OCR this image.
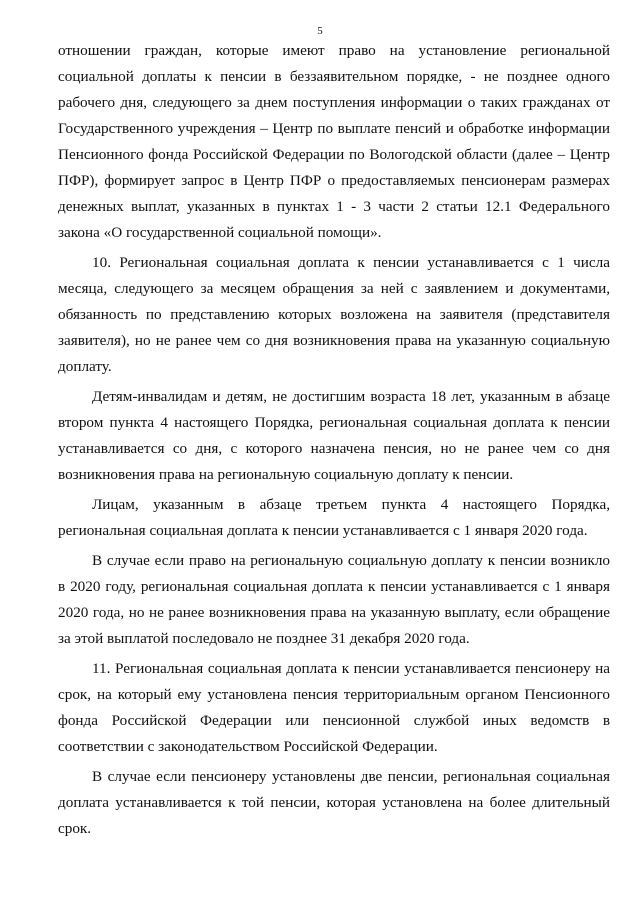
5

отношении граждан, которые имеют право на установление региональной социальной доплаты к пенсии в беззаявительном порядке, - не позднее одного рабочего дня, следующего за днем поступления информации о таких гражданах от Государственного учреждения – Центр по выплате пенсий и обработке информации Пенсионного фонда Российской Федерации по Вологодской области (далее – Центр ПФР), формирует запрос в Центр ПФР о предоставляемых пенсионерам размерах денежных выплат, указанных в пунктах 1 - 3 части 2 статьи 12.1 Федерального закона «О государственной социальной помощи».

10. Региональная социальная доплата к пенсии устанавливается с 1 числа месяца, следующего за месяцем обращения за ней с заявлением и документами, обязанность по представлению которых возложена на заявителя (представителя заявителя), но не ранее чем со дня возникновения права на указанную социальную доплату.

Детям-инвалидам и детям, не достигшим возраста 18 лет, указанным в абзаце втором пункта 4 настоящего Порядка, региональная социальная доплата к пенсии устанавливается со дня, с которого назначена пенсия, но не ранее чем со дня возникновения права на региональную социальную доплату к пенсии.

Лицам, указанным в абзаце третьем пункта 4 настоящего Порядка, региональная социальная доплата к пенсии устанавливается с 1 января 2020 года.

В случае если право на региональную социальную доплату к пенсии возникло в 2020 году, региональная социальная доплата к пенсии устанавливается с 1 января 2020 года, но не ранее возникновения права на указанную выплату, если обращение за этой выплатой последовало не позднее 31 декабря 2020 года.

11. Региональная социальная доплата к пенсии устанавливается пенсионеру на срок, на который ему установлена пенсия территориальным органом Пенсионного фонда Российской Федерации или пенсионной службой иных ведомств в соответствии с законодательством Российской Федерации.

В случае если пенсионеру установлены две пенсии, региональная социальная доплата устанавливается к той пенсии, которая установлена на более длительный срок.
